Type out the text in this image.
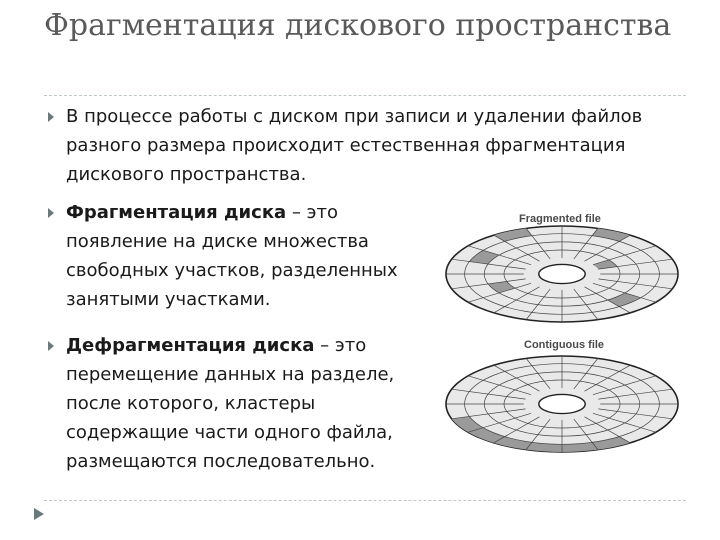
Фрагментация дискового пространства

В процессе работы с диском при записи и удалении файлов разного размера происходит естественная фрагментация дискового пространства.

Фрагментация диска – это появление на диске множества свободных участков, разделенных занятыми участками.

Дефрагментация диска – это перемещение данных на разделе, после которого, кластеры содержащие части одного файла, размещаются последовательно.

Fragmented file

Contiguous file
